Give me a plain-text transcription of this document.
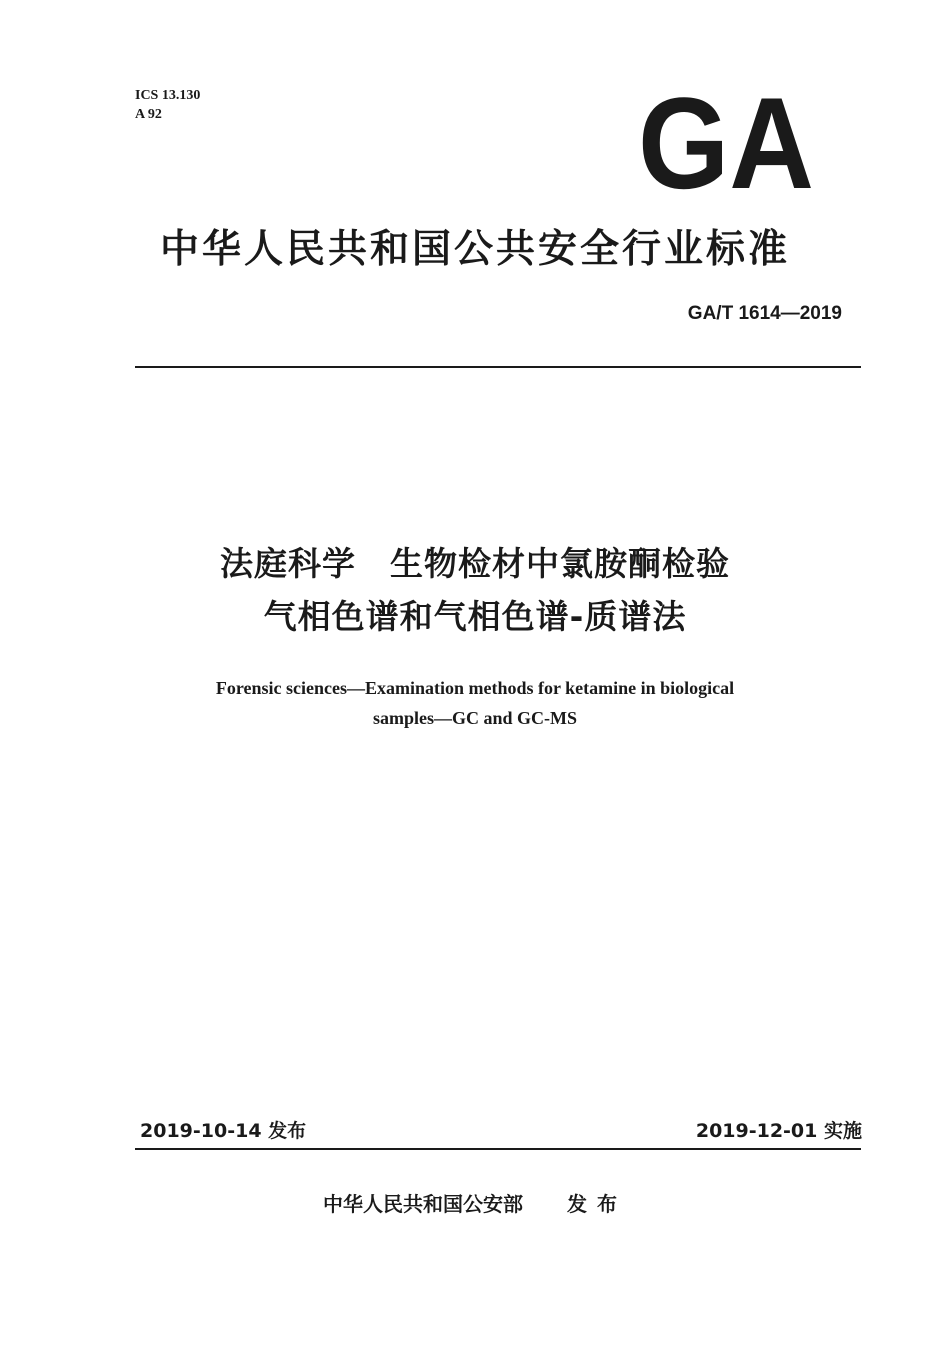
ICS 13.130
A 92	GA
中华人民共和国公共安全行业标准
GA/T 1614—2019
法庭科学　生物检材中氯胺酮检验
气相色谱和气相色谱-质谱法
Forensic sciences—Examination methods for ketamine in biological
samples—GC and GC-MS
2019-10-14 发布	2019-12-01 实施
中华人民共和国公安部 发布
